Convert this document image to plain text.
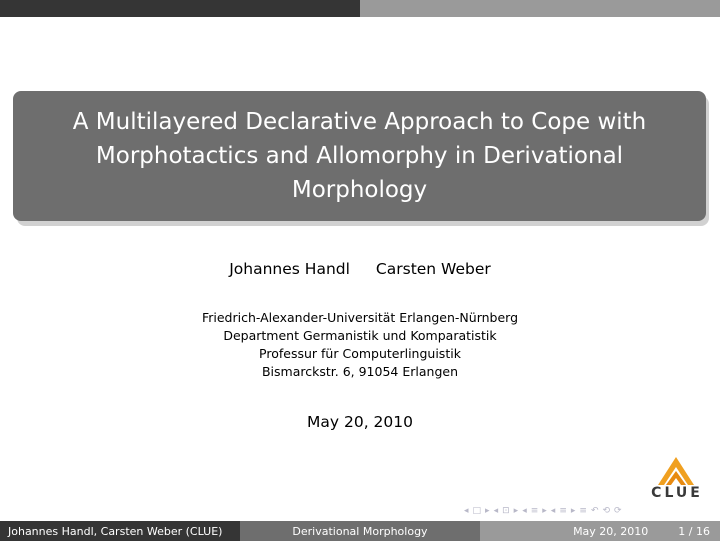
A Multilayered Declarative Approach to Cope with
Morphotactics and Allomorphy in Derivational
Morphology
Johannes Handl Carsten Weber
Friedrich-Alexander-Universität Erlangen-Nürnberg
Department Germanistik und Komparatistik
Professur für Computerlinguistik
Bismarckstr. 6, 91054 Erlangen
May 20, 2010
CLUE
◂ □ ▸ ◂ ⊡ ▸ ◂ ≡ ▸ ◂ ≡ ▸ ≡ ↶ ⟲ ⟳
Johannes Handl, Carsten Weber (CLUE)	Derivational Morphology	May 20, 2010	1 / 16
